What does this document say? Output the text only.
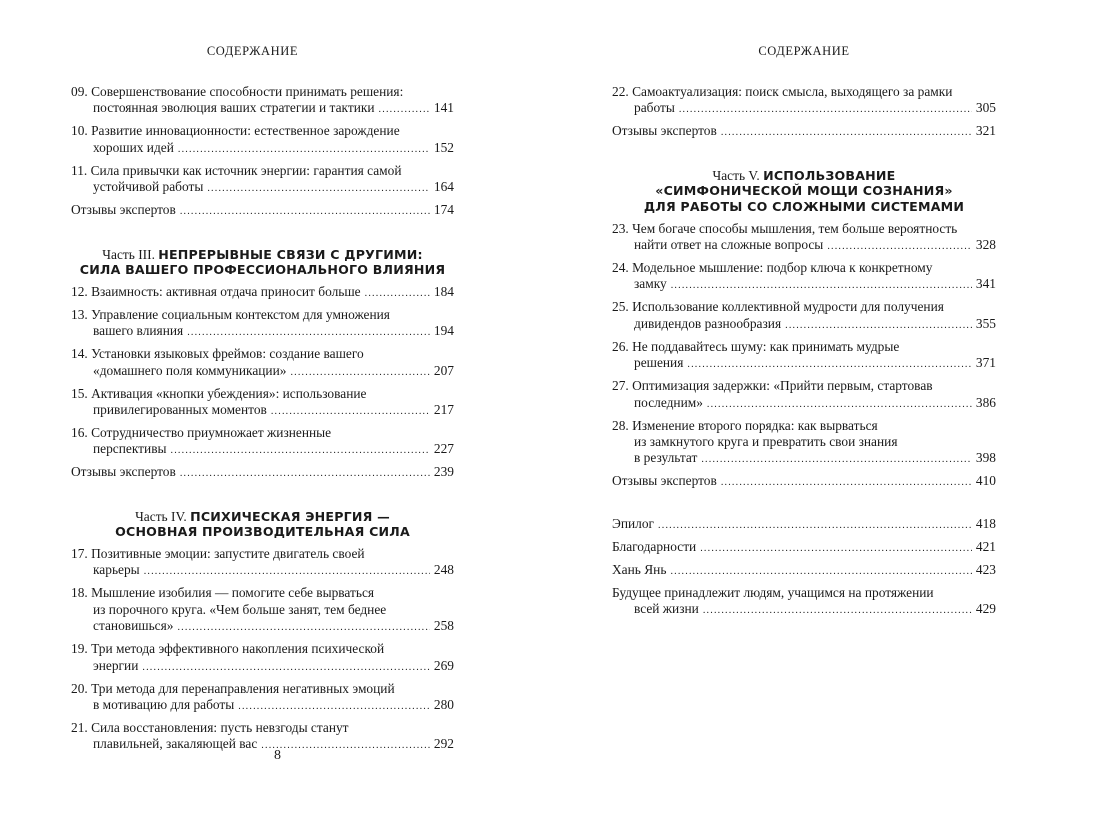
СОДЕРЖАНИЕ
09. Совершенствование способности принимать решения:
постоянная эволюция ваших стратегии и тактики .....	141
10. Развитие инновационности: естественное зарождение
хороших идей .....	152
11. Сила привычки как источник энергии: гарантия самой
устойчивой работы .....	164
Отзывы экспертов .....	174
Часть III. НЕПРЕРЫВНЫЕ СВЯЗИ С ДРУГИМИ:
СИЛА ВАШЕГО ПРОФЕССИОНАЛЬНОГО ВЛИЯНИЯ
12. Взаимность: активная отдача приносит больше .....	184
13. Управление социальным контекстом для умножения
вашего влияния .....	194
14. Установки языковых фреймов: создание вашего
«домашнего поля коммуникации» .....	207
15. Активация «кнопки убеждения»: использование
привилегированных моментов .....	217
16. Сотрудничество приумножает жизненные
перспективы .....	227
Отзывы экспертов .....	239
Часть IV. ПСИХИЧЕСКАЯ ЭНЕРГИЯ —
ОСНОВНАЯ ПРОИЗВОДИТЕЛЬНАЯ СИЛА
17. Позитивные эмоции: запустите двигатель своей
карьеры .....	248
18. Мышление изобилия — помогите себе вырваться
из порочного круга. «Чем больше занят, тем беднее
становишься» .....	258
19. Три метода эффективного накопления психической
энергии .....	269
20. Три метода для перенаправления негативных эмоций
в мотивацию для работы .....	280
21. Сила восстановления: пусть невзгоды станут
плавильней, закаляющей вас .....	292
8
СОДЕРЖАНИЕ
22. Самоактуализация: поиск смысла, выходящего за рамки
работы .....	305
Отзывы экспертов .....	321
Часть V. ИСПОЛЬЗОВАНИЕ
«СИМФОНИЧЕСКОЙ МОЩИ СОЗНАНИЯ»
ДЛЯ РАБОТЫ СО СЛОЖНЫМИ СИСТЕМАМИ
23. Чем богаче способы мышления, тем больше вероятность
найти ответ на сложные вопросы .....	328
24. Модельное мышление: подбор ключа к конкретному
замку .....	341
25. Использование коллективной мудрости для получения
дивидендов разнообразия .....	355
26. Не поддавайтесь шуму: как принимать мудрые
решения .....	371
27. Оптимизация задержки: «Прийти первым, стартовав
последним» .....	386
28. Изменение второго порядка: как вырваться
из замкнутого круга и превратить свои знания
в результат .....	398
Отзывы экспертов .....	410
Эпилог .....	418
Благодарности .....	421
Хань Янь .....	423
Будущее принадлежит людям, учащимся на протяжении
всей жизни .....	429
